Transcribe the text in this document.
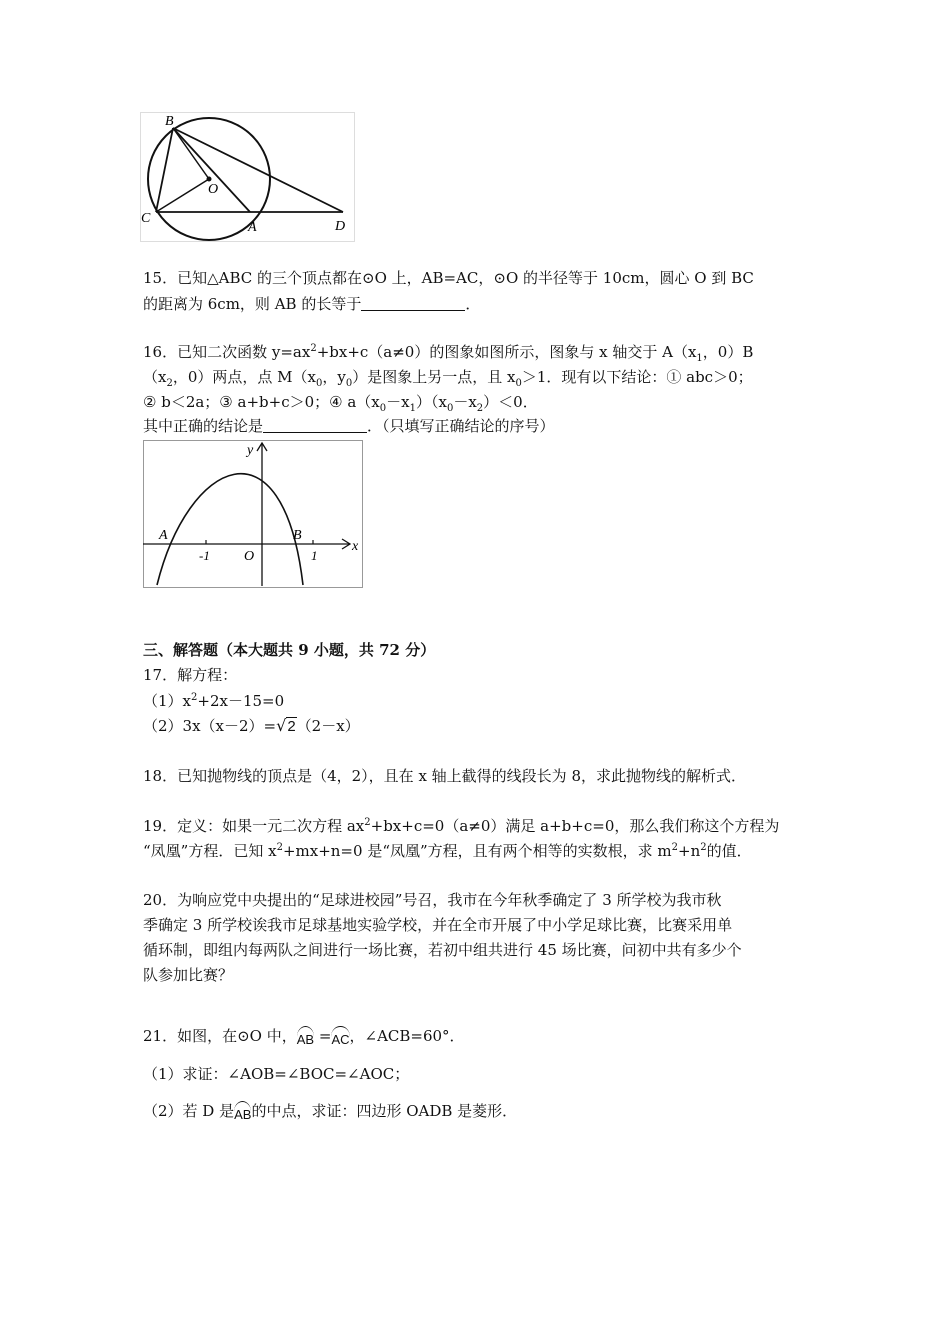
B
O
C
A	D
15．已知△ABC 的三个顶点都在⊙O 上，AB=AC，⊙O 的半径等于 10cm，圆心 O 到 BC
的距离为 6cm，则 AB 的长等于	．
16．已知二次函数 $y=ax^2+bx+c(a\ne 0)$的图象如图所示，图象与 x 轴交于 $A(x_1$，0）B
（$x_2$，0）两点，点 $M(x_0$，$y_0$）是图象上另一点，且 $x_0>1$．现有以下结论：① abc＞0；
② b＜2a；③ a+b+c＞0；④ $a(x_0-x_1)(x_0-x_2)<0$．
其中正确的结论是	．（只填写正确结论的序号）
y
x
A	B
O
-1	1
三、解答题（本大题共 9 小题，共 72 分）
17．解方程：
$(1)x^2+2x-15=0$
（2）3x（x－2）=√2（2－x）
18．已知抛物线的顶点是（4，2），且在 x 轴上截得的线段长为 8，求此抛物线的解析式．
19．定义：如果一元二次方程 $ax^2+bx+c=0(a\ne 0)$满足 a+b+c=0，那么我们称这个方程为
“凤凰”方程．已知 $x^2+mx+n=0$ 是“凤凰”方程，且有两个相等的实数根，求 $m^2+n^2$的值．
20．为响应党中央提出的“足球进校园”号召，我市在今年秋季确定了 3 所学校为我市秋
季确定 3 所学校诶我市足球基地实验学校，并在全市开展了中小学足球比赛，比赛采用单
循环制，即组内每两队之间进行一场比赛，若初中组共进行 45 场比赛，问初中共有多少个
队参加比赛？
21．如图，在⊙O 中，AB =AC，∠ACB=60°．
（1）求证：∠AOB=∠BOC=∠AOC；
（2）若 D 是AB的中点，求证：四边形 OADB 是菱形．
